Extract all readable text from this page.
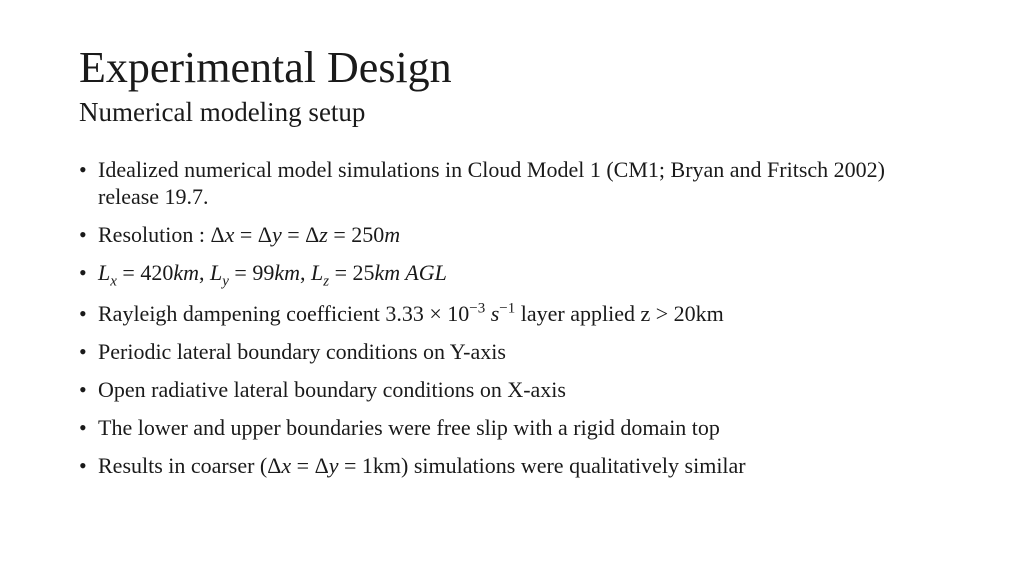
Experimental Design
Numerical modeling setup
• Idealized numerical model simulations in Cloud Model 1 (CM1; Bryan and Fritsch 2002) release 19.7.
• Resolution : Δx = Δy = Δz = 250m
• $L_x = 420km$, $L_y = 99km$, $L_z = 25km$ AGL
• Rayleigh dampening coefficient $3.33 \times 10^{-3}$ $s^{-1}$ layer applied z > 20km
• Periodic lateral boundary conditions on Y-axis
• Open radiative lateral boundary conditions on X-axis
• The lower and upper boundaries were free slip with a rigid domain top
• Results in coarser (Δx = Δy = 1km) simulations were qualitatively similar
